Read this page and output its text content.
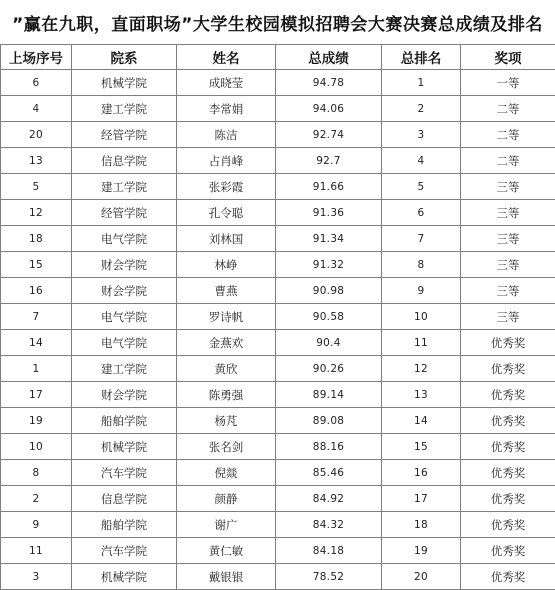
”赢在九职，直面职场”大学生校园模拟招聘会大赛决赛总成绩及排名
上场序号	院系	姓名	总成绩	总排名	奖项
6	机械学院	成晓莹	94.78	1	一等
4	建工学院	李常娟	94.06	2	二等
20	经管学院	陈洁	92.74	3	二等
13	信息学院	占肖峰	92.7	4	二等
5	建工学院	张彩霞	91.66	5	三等
12	经管学院	孔令聪	91.36	6	三等
18	电气学院	刘林国	91.34	7	三等
15	财会学院	林峥	91.32	8	三等
16	财会学院	曹燕	90.98	9	三等
7	电气学院	罗诗帆	90.58	10	三等
14	电气学院	金燕欢	90.4	11	优秀奖
1	建工学院	黄欣	90.26	12	优秀奖
17	财会学院	陈勇强	89.14	13	优秀奖
19	船舶学院	杨芃	89.08	14	优秀奖
10	机械学院	张名剑	88.16	15	优秀奖
8	汽车学院	倪燚	85.46	16	优秀奖
2	信息学院	颜静	84.92	17	优秀奖
9	船舶学院	谢广	84.32	18	优秀奖
11	汽车学院	黄仁敏	84.18	19	优秀奖
3	机械学院	戴银银	78.52	20	优秀奖
